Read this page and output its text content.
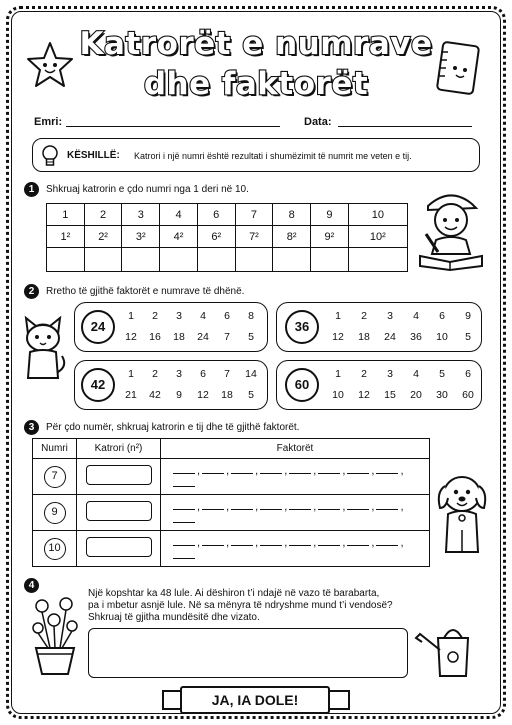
Katrorët e numrave
dhe faktorët
Emri:	Data:
KËSHILLË: Katrori i një numri është rezultati i shumëzimit të numrit me veten e tij.
1	Shkruaj katrorin e çdo numri nga 1 deri në 10.
1	2	3	4	6	7	8	9	10
1²	2²	3²	4²	6²	7²	8²	9²	10²

2	Rretho të gjithë faktorët e numrave të dhënë.
24
1	2	3	4	6	8
12	16	18	24	7	5
36
1	2	3	4	6	9
12	18	24	36	10	5
42
1	2	3	6	7	14
21	42	9	12	18	5
60
1	2	3	4	5	6
10	12	15	20	30	60
3	Për çdo numër, shkruaj katrorin e tij dhe të gjithë faktorët.
Numri	Katrori (n²)	Faktorët
7		, , , , , , , ,
9		, , , , , , , ,
10		, , , , , , , ,
4
Një kopshtar ka 48 lule. Ai dëshiron t’i ndajë në vazo të barabarta,
pa i mbetur asnjë lule. Në sa mënyra të ndryshme mund t’i vendosë?
Shkruaj të gjitha mundësitë dhe vizato.
JA, IA DOLE!
